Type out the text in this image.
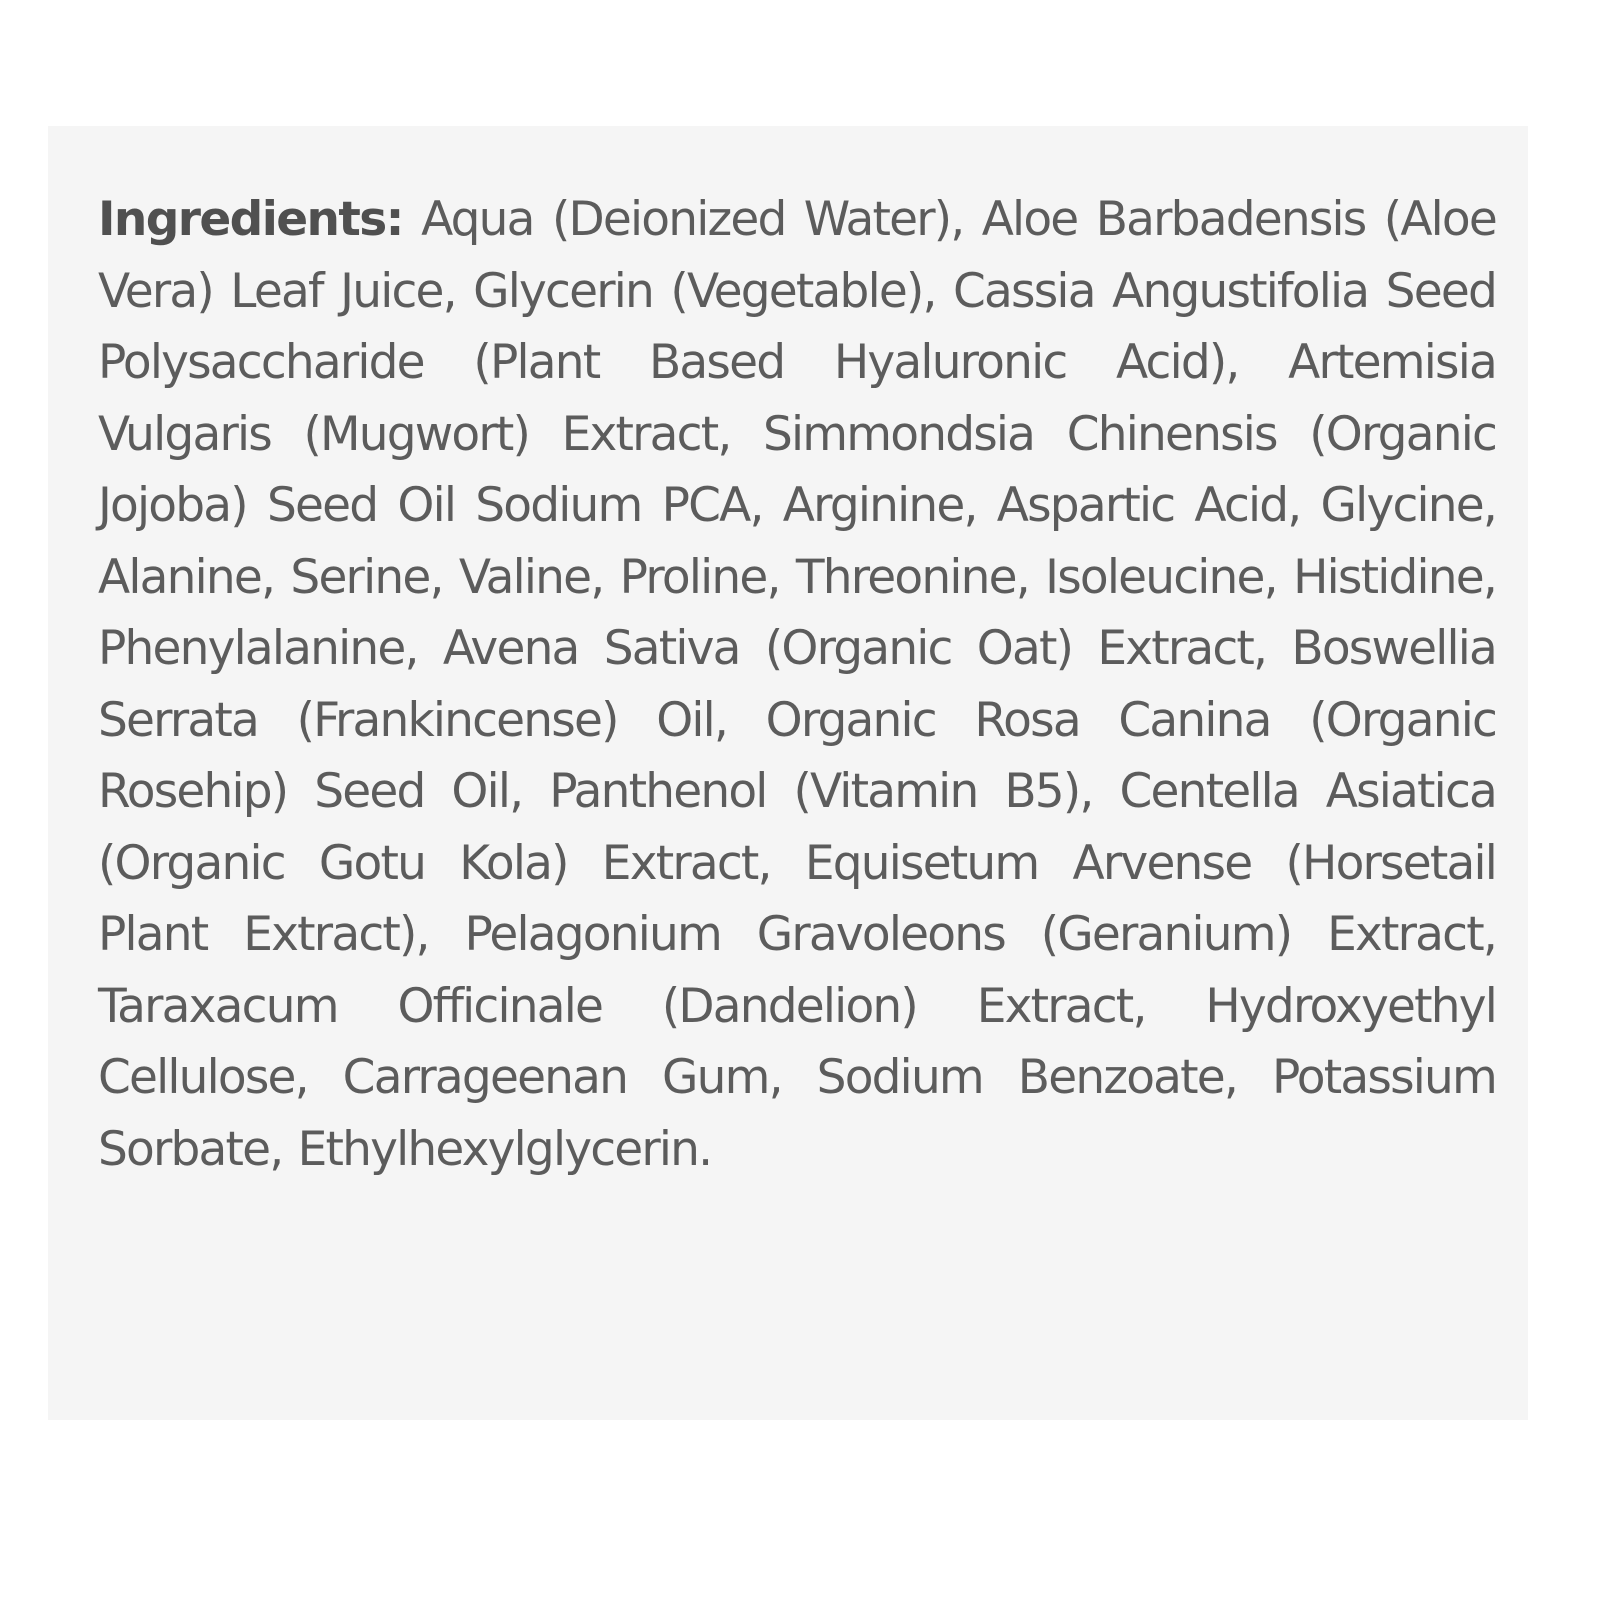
Ingredients: Aqua (Deionized Water), Aloe Barbadensis (Aloe Vera) Leaf Juice, Glycerin (Vegetable), Cassia Angustifolia Seed Polysaccharide (Plant Based Hyaluronic Acid), Artemisia Vulgaris (Mugwort) Extract, Simmondsia Chinensis (Organic Jojoba) Seed Oil Sodium PCA, Arginine, Aspartic Acid, Glycine, Alanine, Serine, Valine, Proline, Threonine, Isoleucine, Histidine, Phenylalanine, Avena Sativa (Organic Oat) Extract, Boswellia Serrata (Frankincense) Oil, Organic Rosa Canina (Organic Rosehip) Seed Oil, Panthenol (Vitamin B5), Centella Asiatica (Organic Gotu Kola) Extract, Equisetum Arvense (Horsetail Plant Extract), Pelagonium Gravoleons (Geranium) Extract, Taraxacum Officinale (Dandelion) Extract, Hydroxyethyl Cellulose, Carrageenan Gum, Sodium Benzoate, Potassium Sorbate, Ethylhexylglycerin.
